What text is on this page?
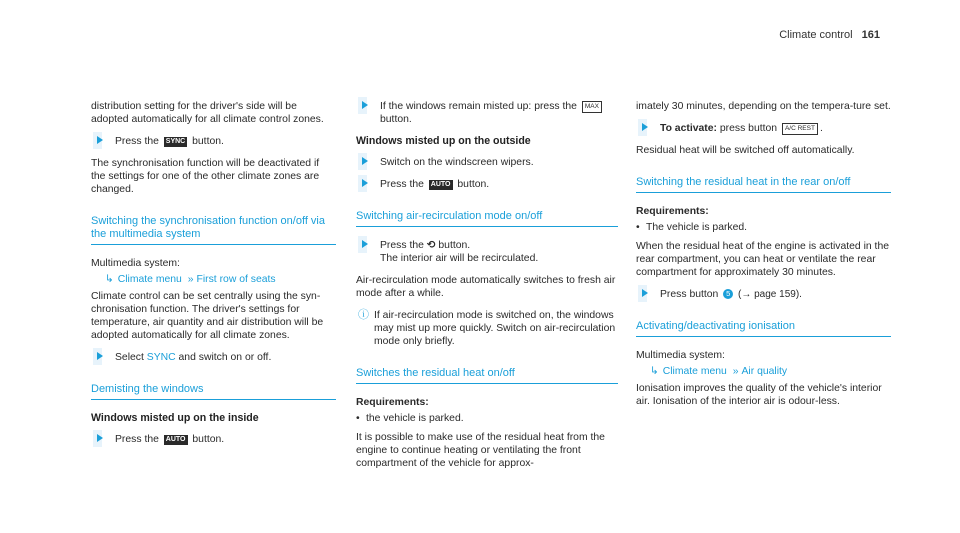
Climate control 161

distribution setting for the driver's side will be adopted automatically for all climate control zones.

Press the SYNC button.

The synchronisation function will be deactivated if the settings for one of the other climate zones are changed.

Switching the synchronisation function on/off via the multimedia system

Multimedia system:

↳ Climate menu » First row of seats

Climate control can be set centrally using the syn-chronisation function. The driver's settings for temperature, air quantity and air distribution will be adopted automatically for all climate zones.

Select SYNC and switch on or off.
Demisting the windows
Windows misted up on the inside
Press the AUTO button.
If the windows remain misted up: press the MAX button.
Windows misted up on the outside
Switch on the windscreen wipers.
Press the AUTO button.
Switching air-recirculation mode on/off
Press the ⟲ button.
The interior air will be recirculated.

Air-recirculation mode automatically switches to fresh air mode after a while.

ⓘ If air-recirculation mode is switched on, the windows may mist up more quickly. Switch on air-recirculation mode only briefly.
Switches the residual heat on/off
Requirements:
• the vehicle is parked.

It is possible to make use of the residual heat from the engine to continue heating or ventilating the front compartment of the vehicle for approx-

imately 30 minutes, depending on the tempera-ture set.

To activate: press button A/C REST .

Residual heat will be switched off automatically.

Switching the residual heat in the rear on/off
Requirements:
• The vehicle is parked.

When the residual heat of the engine is activated in the rear compartment, you can heat or ventilate the rear compartment for approximately 30 minutes.

Press button 5 (→ page 159).
Activating/deactivating ionisation

Multimedia system:

↳ Climate menu » Air quality

Ionisation improves the quality of the vehicle's interior air. Ionisation of the interior air is odour-less.
